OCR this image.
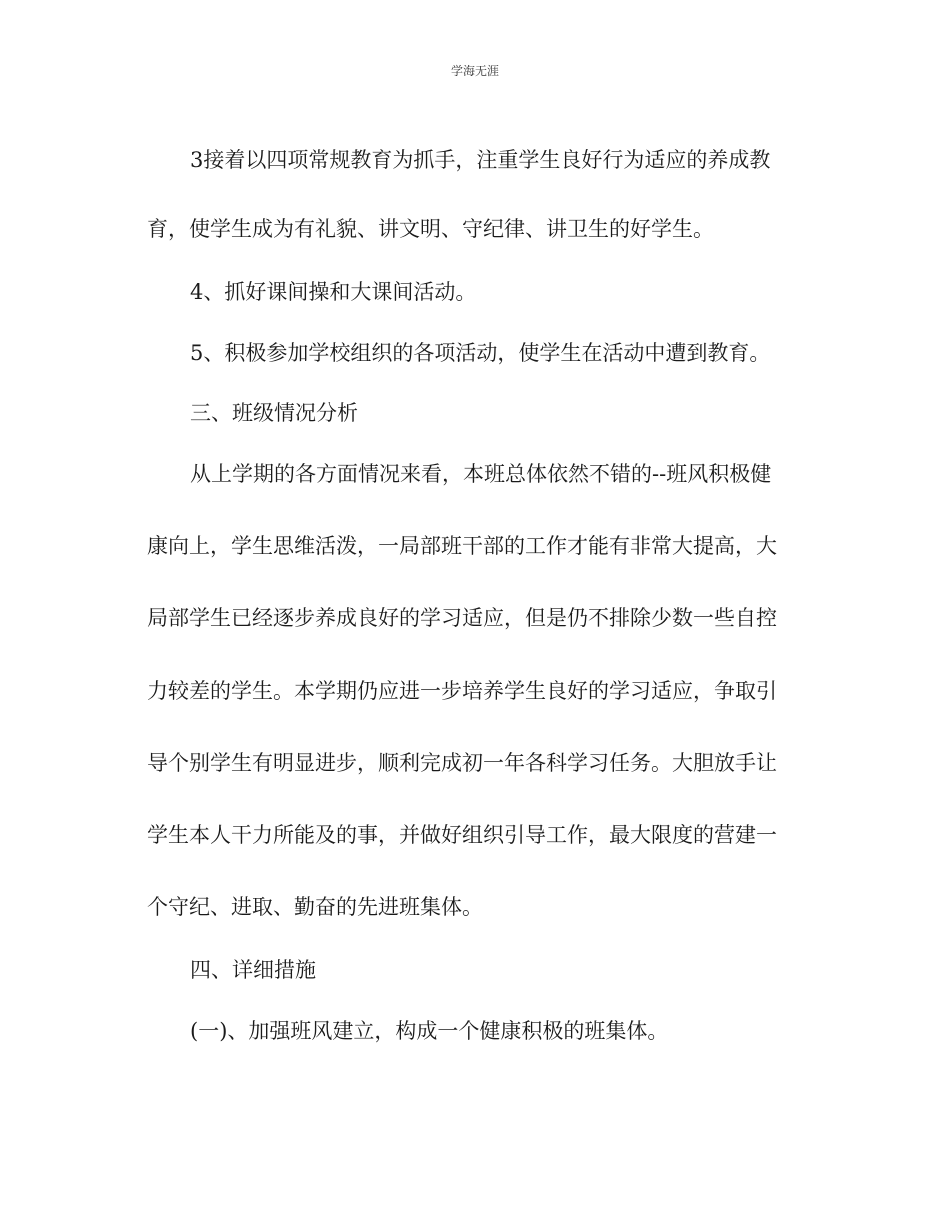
学海无涯
3接着以四项常规教育为抓手，注重学生良好行为适应的养成教
育，使学生成为有礼貌、讲文明、守纪律、讲卫生的好学生。
4、抓好课间操和大课间活动。
5、积极参加学校组织的各项活动，使学生在活动中遭到教育。
三、班级情况分析
从上学期的各方面情况来看，本班总体依然不错的--班风积极健
康向上，学生思维活泼，一局部班干部的工作才能有非常大提高，大
局部学生已经逐步养成良好的学习适应，但是仍不排除少数一些自控
力较差的学生。本学期仍应进一步培养学生良好的学习适应，争取引
导个别学生有明显进步，顺利完成初一年各科学习任务。大胆放手让
学生本人干力所能及的事，并做好组织引导工作，最大限度的营建一
个守纪、进取、勤奋的先进班集体。
四、详细措施
(一)、加强班风建立，构成一个健康积极的班集体。
